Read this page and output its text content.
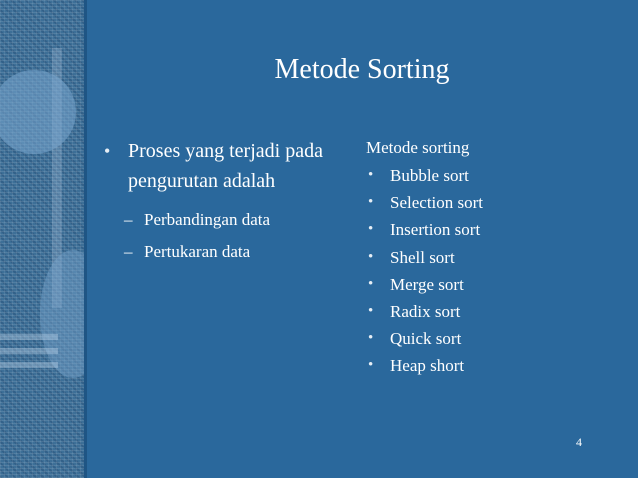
Metode Sorting
• Proses yang terjadi pada pengurutan adalah
– Perbandingan data
– Pertukaran data
Metode sorting
• Bubble sort
• Selection sort
• Insertion sort
• Shell sort
• Merge sort
• Radix sort
• Quick sort
• Heap short
4
